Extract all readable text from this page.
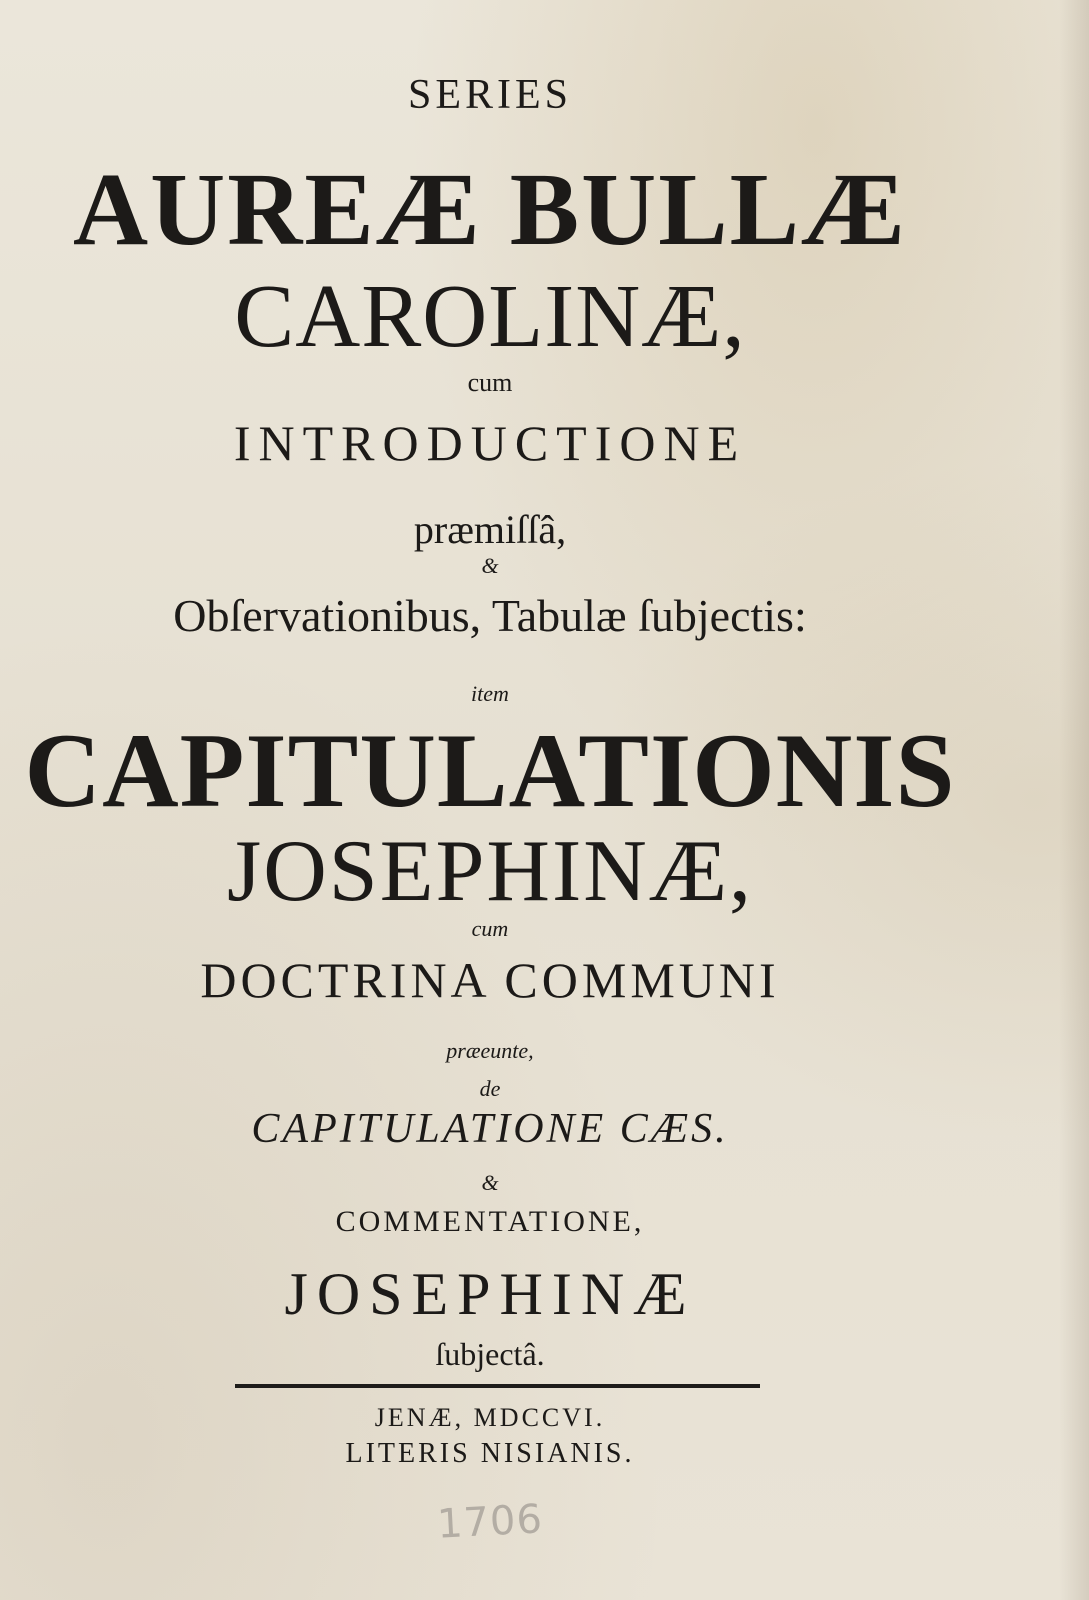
SERIES
AUREÆ BULLÆ
CAROLINÆ,
cum
INTRODUCTIONE
præmiſſâ,
&
Obſervationibus, Tabulæ ſubjectis:
item
CAPITULATIONIS
JOSEPHINÆ,
cum
DOCTRINA COMMUNI
præeunte,
de
CAPITULATIONE CÆS.
&
COMMENTATIONE,
JOSEPHINÆ
ſubjectâ.
JENÆ, MDCCVI.
LITERIS NISIANIS.
1706
